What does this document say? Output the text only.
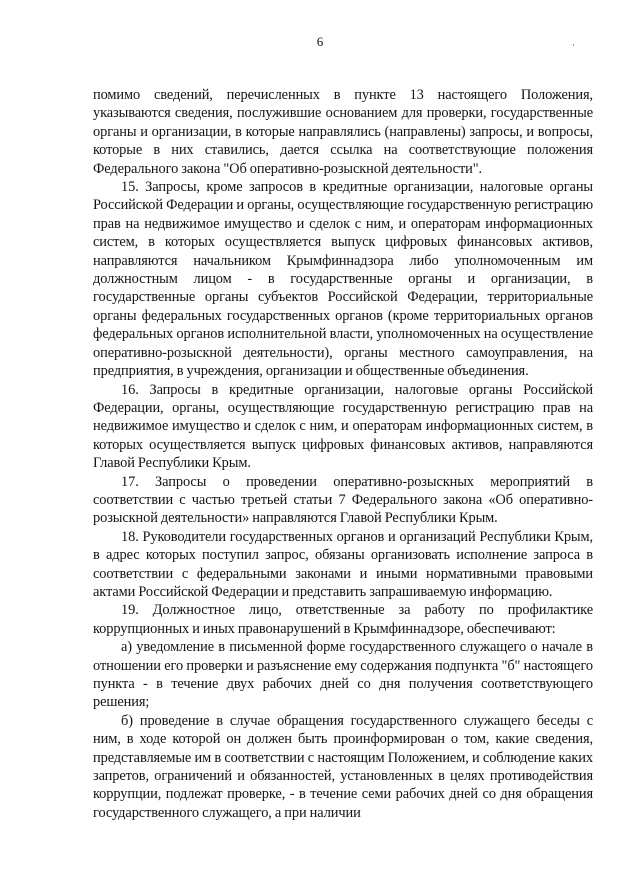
6

помимо сведений, перечисленных в пункте 13 настоящего Положения, указываются сведения, послужившие основанием для проверки, государственные органы и организации, в которые направлялись (направлены) запросы, и вопросы, которые в них ставились, дается ссылка на соответствующие положения Федерального закона "Об оперативно-розыскной деятельности".

15. Запросы, кроме запросов в кредитные организации, налоговые органы Российской Федерации и органы, осуществляющие государственную регистрацию прав на недвижимое имущество и сделок с ним, и операторам информационных систем, в которых осуществляется выпуск цифровых финансовых активов, направляются начальником Крымфиннадзора либо уполномоченным им должностным лицом - в государственные органы и организации, в государственные органы субъектов Российской Федерации, территориальные органы федеральных государственных органов (кроме территориальных органов федеральных органов исполнительной власти, уполномоченных на осуществление оперативно-розыскной деятельности), органы местного самоуправления, на предприятия, в учреждения, организации и общественные объединения.

16. Запросы в кредитные организации, налоговые органы Российской Федерации, органы, осуществляющие государственную регистрацию прав на недвижимое имущество и сделок с ним, и операторам информационных систем, в которых осуществляется выпуск цифровых финансовых активов, направляются Главой Республики Крым.

17. Запросы о проведении оперативно-розыскных мероприятий в соответствии с частью третьей статьи 7 Федерального закона «Об оперативно-розыскной деятельности» направляются Главой Республики Крым.

18. Руководители государственных органов и организаций Республики Крым, в адрес которых поступил запрос, обязаны организовать исполнение запроса в соответствии с федеральными законами и иными нормативными правовыми актами Российской Федерации и представить запрашиваемую информацию.

19. Должностное лицо, ответственные за работу по профилактике коррупционных и иных правонарушений в Крымфиннадзоре, обеспечивают:

а) уведомление в письменной форме государственного служащего о начале в отношении его проверки и разъяснение ему содержания подпункта "б" настоящего пункта - в течение двух рабочих дней со дня получения соответствующего решения;

б) проведение в случае обращения государственного служащего беседы с ним, в ходе которой он должен быть проинформирован о том, какие сведения, представляемые им в соответствии с настоящим Положением, и соблюдение каких запретов, ограничений и обязанностей, установленных в целях противодействия коррупции, подлежат проверке, - в течение семи рабочих дней со дня обращения государственного служащего, а при наличии
